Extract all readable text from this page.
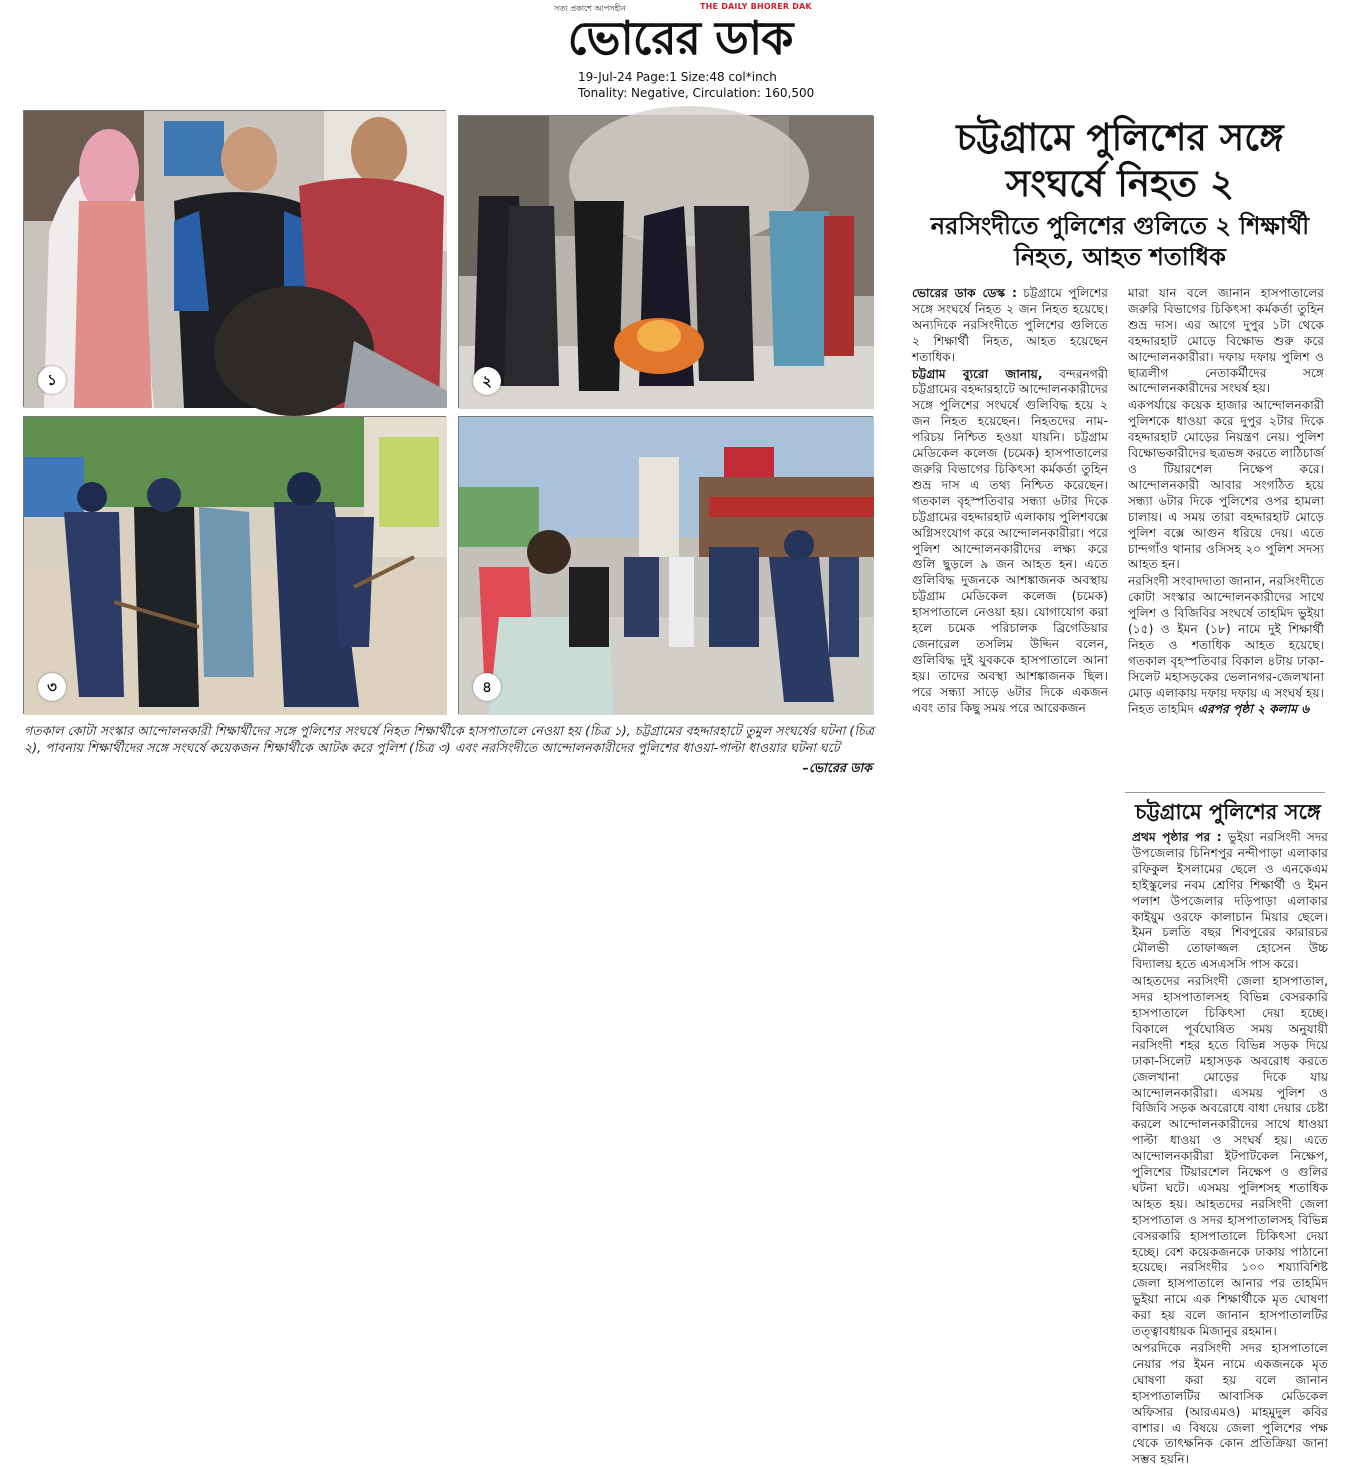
সত্য প্রকাশে আপসহীন	THE DAILY BHORER DAK
ভোরের ডাক
19-Jul-24 Page:1 Size:48 col*inch
Tonality: Negative, Circulation: 160,500
১	২
৩	৪
গতকাল কোটা সংস্কার আন্দোলনকারী শিক্ষার্থীদের সঙ্গে পুলিশের সংঘর্ষে নিহত শিক্ষার্থীকে হাসপাতালে নেওয়া হয় (চিত্র ১), চট্টগ্রামের বহদ্দারহাটে তুমুল সংঘর্ষের ঘটনা (চিত্র ২), পাবনায় শিক্ষার্থীদের সঙ্গে সংঘর্ষে কয়েকজন শিক্ষার্থীকে আটক করে পুলিশ (চিত্র ৩) এবং নরসিংদীতে আন্দোলনকারীদের পুলিশের ধাওয়া-পাল্টা ধাওয়ার ঘটনা ঘটে
–ভোরের ডাক
চট্টগ্রামে পুলিশের সঙ্গে সংঘর্ষে নিহত ২
নরসিংদীতে পুলিশের গুলিতে ২ শিক্ষার্থী নিহত, আহত শতাধিক

ভোরের ডাক ডেস্ক : চট্টগ্রামে পুলিশের সঙ্গে সংঘর্ষে নিহত ২ জন নিহত হয়েছে। অন্যদিকে নরসিংদীতে পুলিশের গুলিতে ২ শিক্ষার্থী নিহত, আহত হয়েছেন শতাধিক।

চট্টগ্রাম ব্যুরো জানায়, বন্দরনগরী চট্টগ্রামের বহদ্দারহাটে আন্দোলনকারীদের সঙ্গে পুলিশের সংঘর্ষে গুলিবিদ্ধ হয়ে ২ জন নিহত হয়েছেন। নিহতদের নাম-পরিচয় নিশ্চিত হওয়া যায়নি। চট্টগ্রাম মেডিকেল কলেজ (চমেক) হাসপাতালের জরুরি বিভাগের চিকিৎসা কর্মকর্তা তুহিন শুভ্র দাস এ তথ্য নিশ্চিত করেছেন। গতকাল বৃহস্পতিবার সন্ধ্যা ৬টার দিকে চট্টগ্রামের বহদ্দারহাট এলাকায় পুলিশবক্সে অগ্নিসংযোগ করে আন্দোলনকারীরা। পরে পুলিশ আন্দোলনকারীদের লক্ষ্য করে গুলি ছুড়লে ৯ জন আহত হন। এতে গুলিবিদ্ধ দুজনকে আশঙ্কাজনক অবস্থায় চট্টগ্রাম মেডিকেল কলেজ (চমেক) হাসপাতালে নেওয়া হয়। যোগাযোগ করা হলে চমেক পরিচালক ব্রিগেডিয়ার জেনারেল তসলিম উদ্দিন বলেন, গুলিবিদ্ধ দুই যুবককে হাসপাতালে আনা হয়। তাদের অবস্থা আশঙ্কাজনক ছিল। পরে সন্ধ্যা সাড়ে ৬টার দিকে একজন এবং তার কিছু সময় পরে আরেকজন

মারা যান বলে জানান হাসপাতালের জরুরি বিভাগের চিকিৎসা কর্মকর্তা তুহিন শুভ্র দাস। এর আগে দুপুর ১টা থেকে বহদ্দারহাট মোড়ে বিক্ষোভ শুরু করে আন্দোলনকারীরা। দফায় দফায় পুলিশ ও ছাত্রলীগ নেতাকর্মীদের সঙ্গে আন্দোলনকারীদের সংঘর্ষ হয়।

একপর্যায়ে কয়েক হাজার আন্দোলনকারী পুলিশকে ধাওয়া করে দুপুর ২টার দিকে বহদ্দারহাট মোড়ের নিয়ন্ত্রণ নেয়। পুলিশ বিক্ষোভকারীদের ছত্রভঙ্গ করতে লাঠিচার্জ ও টিয়ারশেল নিক্ষেপ করে। আন্দোলনকারী আবার সংগঠিত হয়ে সন্ধ্যা ৬টার দিকে পুলিশের ওপর হামলা চালায়। এ সময় তারা বহদ্দারহাট মোড়ে পুলিশ বক্সে আগুন ধরিয়ে দেয়। এতে চান্দগাঁও থানার ওসিসহ ২০ পুলিশ সদস্য আহত হন।

নরসিংদী সংবাদদাতা জানান, নরসিংদীতে কোটা সংস্কার আন্দোলনকারীদের সাথে পুলিশ ও বিজিবির সংঘর্ষে তাহমিদ ভুইয়া (১৫) ও ইমন (১৮) নামে দুই শিক্ষার্থী নিহত ও শতাধিক আহত হয়েছে। গতকাল বৃহস্পতিবার বিকাল ৪টায় ঢাকা-সিলেট মহাসড়কের ভেলানগর-জেলখানা মোড় এলাকায় দফায় দফায় এ সংঘর্ষ হয়। নিহত তাহমিদ এরপর পৃষ্ঠা ২ কলাম ৬

চট্টগ্রামে পুলিশের সঙ্গে

প্রথম পৃষ্ঠার পর : ভুইয়া নরসিংদী সদর উপজেলার চিনিশপুর নন্দীপাড়া এলাকার রফিকুল ইসলামের ছেলে ও এনকেএম হাইস্কুলের নবম শ্রেণির শিক্ষার্থী ও ইমন পলাশ উপজেলার দড়িপাড়া এলাকার কাইয়ুম ওরফে কালাচান মিয়ার ছেলে। ইমন চলতি বছর শিবপুরের কারারচর মৌলভী তোফাজ্জল হোসেন উচ্চ বিদ্যালয় হতে এসএসসি পাস করে।

আহতদের নরসিংদী জেলা হাসপাতাল, সদর হাসপাতালসহ বিভিন্ন বেসরকারি হাসপাতালে চিকিৎসা দেয়া হচ্ছে। বিকালে পূর্বঘোষিত সময় অনুযায়ী নরসিংদী শহর হতে বিভিন্ন সড়ক দিয়ে ঢাকা-সিলেট মহাসড়ক অবরোধ করতে জেলখানা মোড়ের দিকে যায় আন্দোলনকারীরা। এসময় পুলিশ ও বিজিবি সড়ক অবরোধে বাধা দেয়ার চেষ্টা করলে আন্দোলনকারীদের সাথে ধাওয়া পাল্টা ধাওয়া ও সংঘর্ষ হয়। এতে আন্দোলনকারীরা ইটপাটকেল নিক্ষেপ, পুলিশের টিয়ারশেল নিক্ষেপ ও গুলির ঘটনা ঘটে। এসময় পুলিশসহ শতাধিক আহত হয়। আহতদের নরসিংদী জেলা হাসপাতাল ও সদর হাসপাতালসহ বিভিন্ন বেসরকারি হাসপাতালে চিকিৎসা দেয়া হচ্ছে। বেশ কয়েকজনকে ঢাকায় পাঠানো হয়েছে। নরসিংদীর ১০০ শয্যাবিশিষ্ট জেলা হাসপাতালে আনার পর তাহমিদ ভুইয়া নামে এক শিক্ষার্থীকে মৃত ঘোষণা করা হয় বলে জানান হাসপাতালটির তত্ত্বাবধায়ক মিজানুর রহমান।

অপরদিকে নরসিংদী সদর হাসপাতালে নেয়ার পর ইমন নামে একজনকে মৃত ঘোষণা করা হয় বলে জানান হাসপাতালটির আবাসিক মেডিকেল অফিসার (আরএমও) মাহমুদুল কবির বাশার। এ বিষয়ে জেলা পুলিশের পক্ষ থেকে তাৎক্ষনিক কোন প্রতিক্রিয়া জানা সম্ভব হয়নি।
